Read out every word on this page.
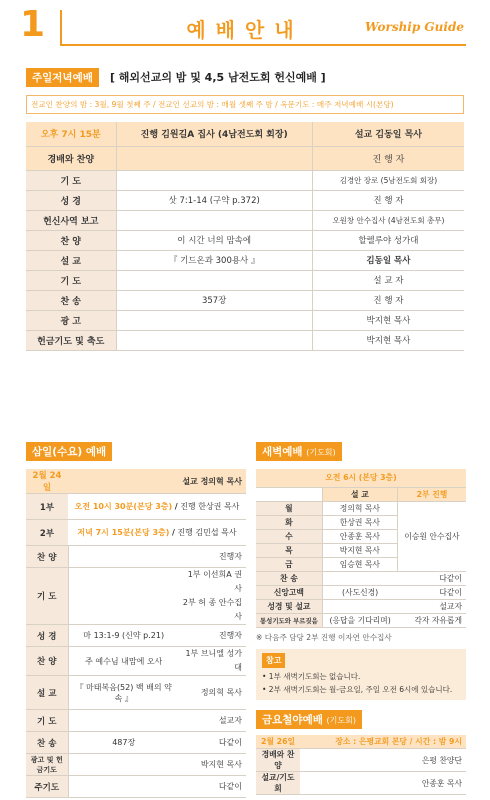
1	예배안내	Worship Guide
주일저녁예배 [ 해외선교의 밤 및 4,5 남전도회 헌신예배 ]
전교인 찬양의 밤 : 3월, 9월 첫째 주 / 전교인 선교의 밤 : 매월 셋째 주 밤 / 옥문기도 : 매주 저녁예배 시(본당)
오후 7시 15분	진행 김원길A 집사 (4남전도회 회장)	설교 김동일 목사
경배와 찬양		진 행 자
기 도		김경안 장로 (5남전도회 회장)
성 경	삿 7:1-14 (구약 p.372)	진 행 자
헌신사역 보고		오원창 안수집사 (4남전도회 총무)
찬 양	이 시간 너의 맘속에	할렐루야 성가대
설 교	『 기드온과 300용사 』	김동일 목사
기 도		설 교 자
찬 송	357장	진 행 자
광 고		박지현 목사
헌금기도 및 축도		박지현 목사
삼일(수요) 예배
2월 24일	설교 정의혁 목사	
1부	오전 10시 30분(본당 3층) / 진행 한상권 목사	
2부	저녁 7시 15분(본당 3층) / 진행 김민섭 목사	
찬 양		진행자
기 도		1부 이선희A 권사
2부 허 종 안수집사
성 경	마 13:1-9 (신약 p.21)	진행자
찬 양	주 예수님 내맘에 오사	1부 브니엘 성가대
설 교	『 마태복음(52) 백 배의 약속 』	정의혁 목사
기 도		설교자
찬 송	487장	다같이
광고 및 헌금기도		박지현 목사
주기도		다같이
새벽예배 (기도회)
오전 6시 (본당 3층)		
	설 교	2부 진행
월	정의혁 목사	이승원 안수집사
화	한상권 목사	
수	안종훈 목사	
목	박지현 목사	
금	임승현 목사	
찬 송		다같이
신앙고백	(사도신경)	다같이
성경 및 설교		설교자
통성기도와 부르짖음	(응답을 기다리며)	각자 자유롭게
※ 다음주 담당 2부 진행 이자연 안수집사
참고
• 1부 새벽기도회는 없습니다.
• 2부 새벽기도회는 월-금요일, 주일 오전 6시에 있습니다.
금요철야예배 (기도회)
2월 26일	장소 : 은평교회 본당 / 시간 : 밤 9시
경배와 찬양	은평 찬양단
설교/기도회	안종훈 목사
